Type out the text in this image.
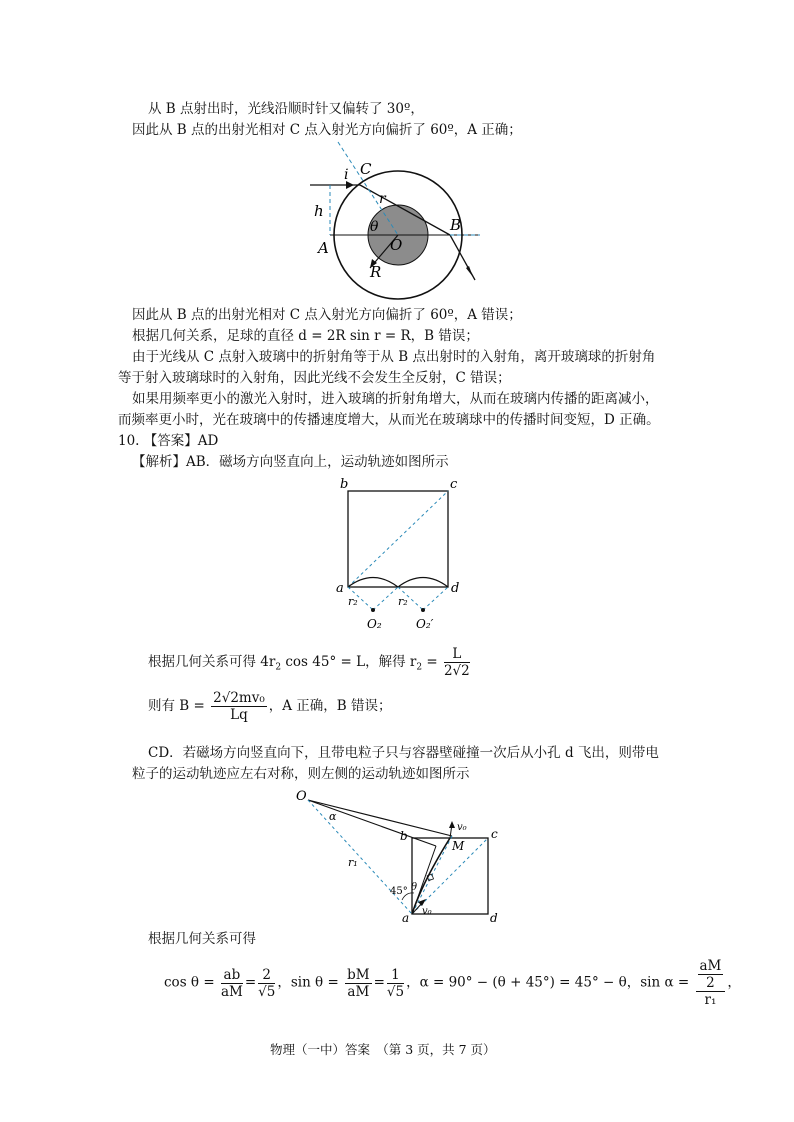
从 B 点射出时，光线沿顺时针又偏转了 30º，
因此从 B 点的出射光相对 C 点入射光方向偏折了 60º，A 正确；
C
i
r
h
θ
O
B
A
R
因此从 B 点的出射光相对 C 点入射光方向偏折了 60º，A 错误；
根据几何关系，足球的直径 d = 2R sin r = R，B 错误；
由于光线从 C 点射入玻璃中的折射角等于从 B 点出射时的入射角，离开玻璃球的折射角
等于射入玻璃球时的入射角，因此光线不会发生全反射，C 错误；
如果用频率更小的激光入射时，进入玻璃的折射角增大，从而在玻璃内传播的距离减小，
而频率更小时，光在玻璃中的传播速度增大，从而光在玻璃球中的传播时间变短，D 正确。
10. 【答案】AD
【解析】AB．磁场方向竖直向上，运动轨迹如图所示
b	c
a	d
r₂	r₂
O₂	O₂′
根据几何关系可得 $4r_2$ cos 45° = L，解得 $r_2 = \frac{L}{2√2}$
则有 $B = \frac{\text{2√2mv₀}}{Lq}$ ，A 正确，B 错误；
CD．若磁场方向竖直向下，且带电粒子只与容器壁碰撞一次后从小孔 d 飞出，则带电
粒子的运动轨迹应左右对称，则左侧的运动轨迹如图所示
O
α
b	c
v₀
M
r₁
45° θ
v₀
a	d
根据几何关系可得
$\cos \theta = \frac{ab}{aM} = \frac{2}{√5}$ ，$\sin \theta = \frac{bM}{aM} = \frac{1}{√5}$ ，α = 90° − (θ + 45°) = 45° − θ，$\sin \alpha = \frac{\frac{aM}{2}}{\text{r₁}}$ ，
物理（一中）答案　（第 3 页，共 7 页）
